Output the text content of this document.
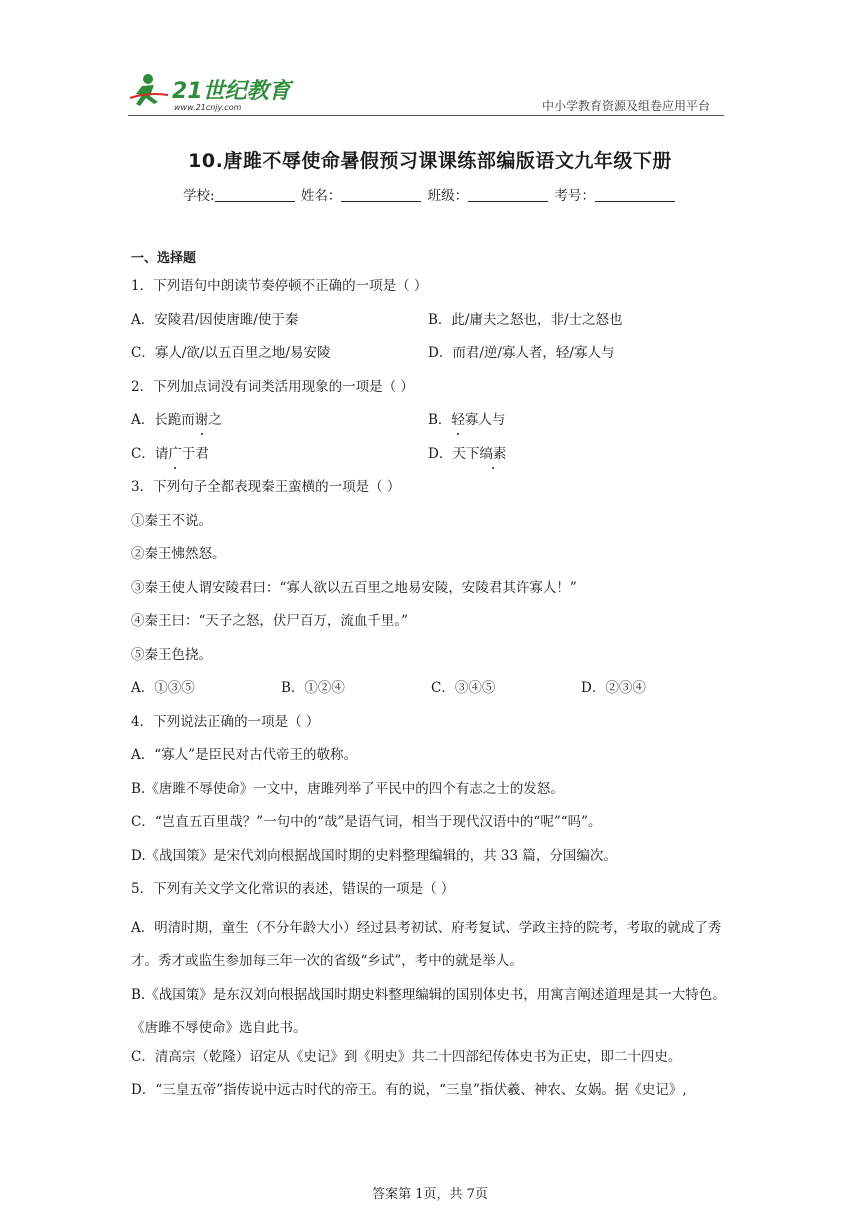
21世纪教育
www.21cnjy.com	中小学教育资源及组卷应用平台
10.唐雎不辱使命暑假预习课课练部编版语文九年级下册
学校:	姓名：	班级：	考号：
一、选择题
1．下列语句中朗读节奏停顿不正确的一项是（ ）
A．安陵君/因使唐雎/使于秦	B．此/庸夫之怒也，非/士之怒也
C．寡人/欲/以五百里之地/易安陵	D．而君/逆/寡人者，轻/寡人与
2．下列加点词没有词类活用现象的一项是（ ）
A．长跪而谢之	B．轻寡人与
C．请广于君	D．天下缟素
3．下列句子全都表现秦王蛮横的一项是（ ）
①秦王不说。
②秦王怫然怒。
③秦王使人谓安陵君曰：“寡人欲以五百里之地易安陵，安陵君其许寡人！”
④秦王曰：“天子之怒，伏尸百万，流血千里。”
⑤秦王色挠。
A．①③⑤	B．①②④	C．③④⑤	D．②③④
4．下列说法正确的一项是（ ）
A．“寡人”是臣民对古代帝王的敬称。
B.《唐雎不辱使命》一文中，唐雎列举了平民中的四个有志之士的发怒。
C．“岂直五百里哉？”一句中的“哉”是语气词，相当于现代汉语中的“呢”“吗”。
D.《战国策》是宋代刘向根据战国时期的史料整理编辑的，共 33 篇，分国编次。
5．下列有关文学文化常识的表述，错误的一项是（ ）
A．明清时期，童生（不分年龄大小）经过县考初试、府考复试、学政主持的院考，考取的就成了秀才。秀才或监生参加每三年一次的省级“乡试”，考中的就是举人。
B.《战国策》是东汉刘向根据战国时期史料整理编辑的国别体史书，用寓言阐述道理是其一大特色。《唐雎不辱使命》选自此书。
C．清高宗（乾隆）诏定从《史记》到《明史》共二十四部纪传体史书为正史，即二十四史。
D．“三皇五帝”指传说中远古时代的帝王。有的说，“三皇”指伏羲、神农、女娲。据《史记》,
答案第 1页，共 7页
